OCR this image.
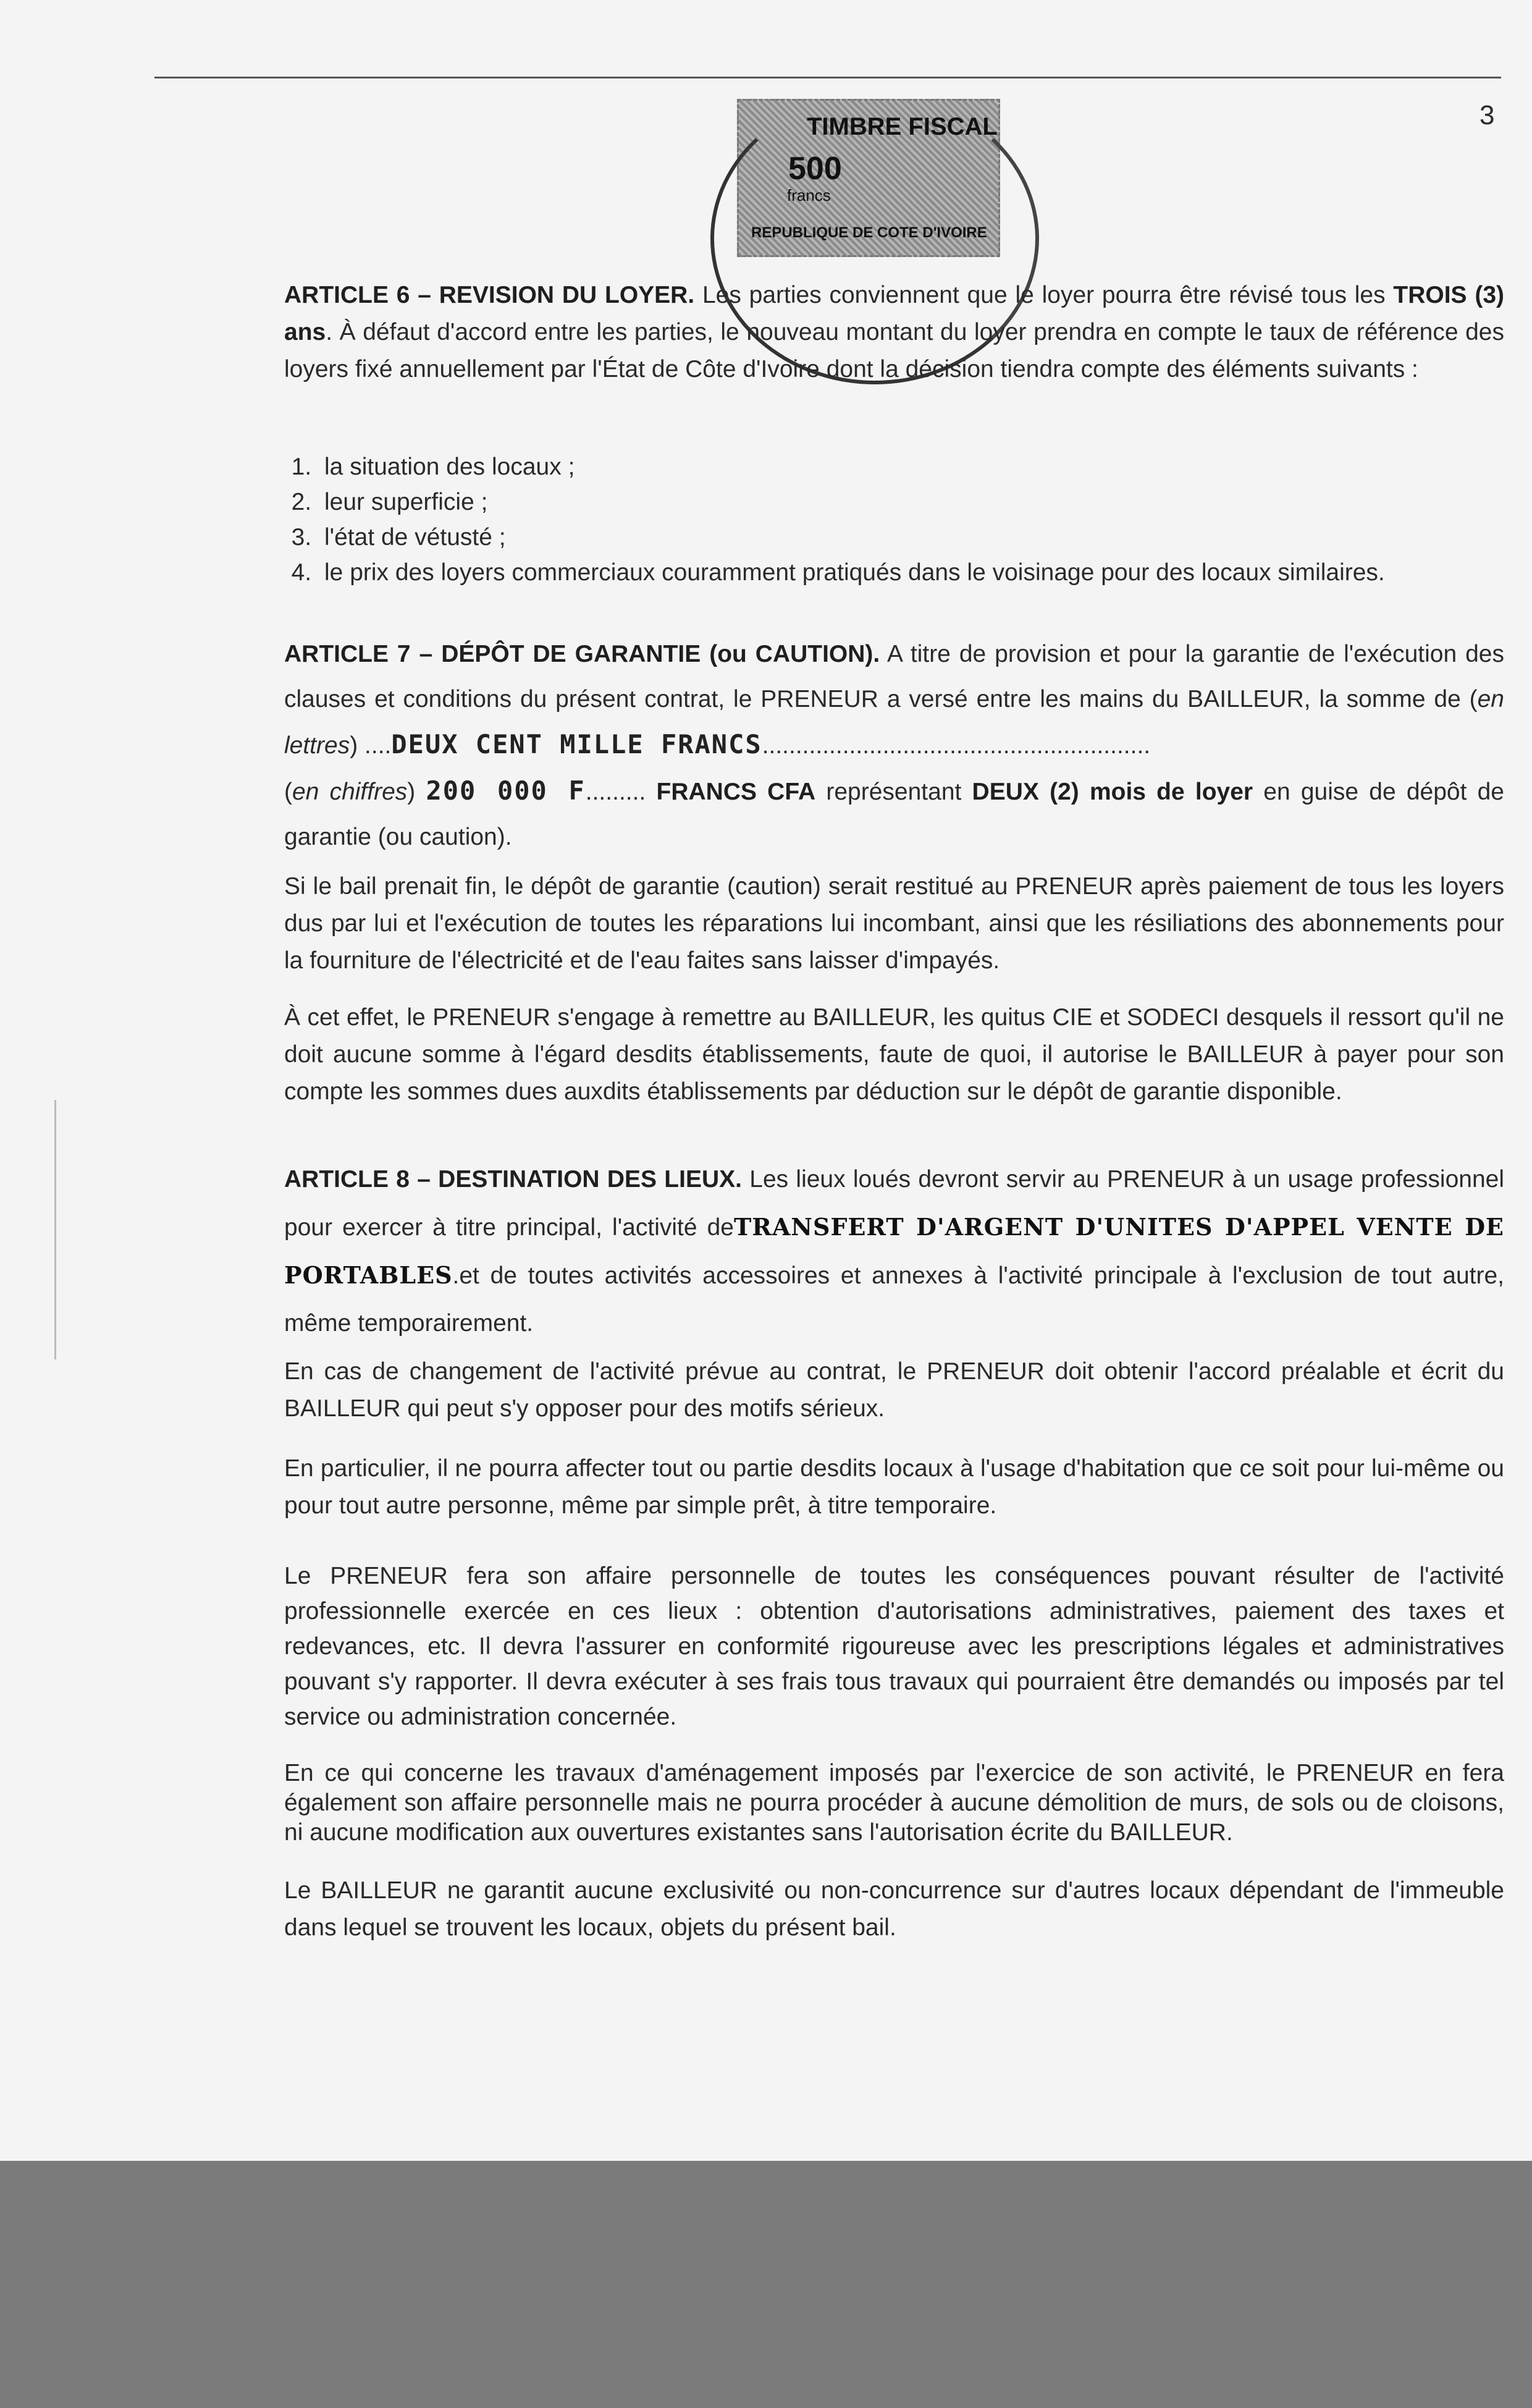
3
TIMBRE FISCAL
500
francs
REPUBLIQUE DE COTE D'IVOIRE
ARTICLE 6 – REVISION DU LOYER. Les parties conviennent que le loyer pourra être révisé tous les TROIS (3) ans. À défaut d'accord entre les parties, le nouveau montant du loyer prendra en compte le taux de référence des loyers fixé annuellement par l'État de Côte d'Ivoire dont la décision tiendra compte des éléments suivants :
1. la situation des locaux ;
2. leur superficie ;
3. l'état de vétusté ;
4. le prix des loyers commerciaux couramment pratiqués dans le voisinage pour des locaux similaires.
ARTICLE 7 – DÉPÔT DE GARANTIE (ou CAUTION). A titre de provision et pour la garantie de l'exécution des clauses et conditions du présent contrat, le PRENEUR a versé entre les mains du BAILLEUR, la somme de (en lettres) ....DEUX CENT MILLE FRANCS..........................................................
(en chiffres) 200 000 F......... FRANCS CFA représentant DEUX (2) mois de loyer en guise de dépôt de garantie (ou caution).
Si le bail prenait fin, le dépôt de garantie (caution) serait restitué au PRENEUR après paiement de tous les loyers dus par lui et l'exécution de toutes les réparations lui incombant, ainsi que les résiliations des abonnements pour la fourniture de l'électricité et de l'eau faites sans laisser d'impayés.
À cet effet, le PRENEUR s'engage à remettre au BAILLEUR, les quitus CIE et SODECI desquels il ressort qu'il ne doit aucune somme à l'égard desdits établissements, faute de quoi, il autorise le BAILLEUR à payer pour son compte les sommes dues auxdits établissements par déduction sur le dépôt de garantie disponible.
ARTICLE 8 – DESTINATION DES LIEUX. Les lieux loués devront servir au PRENEUR à un usage professionnel pour exercer à titre principal, l'activité deTRANSFERT D'ARGENT D'UNITES D'APPEL VENTE DE PORTABLES.et de toutes activités accessoires et annexes à l'activité principale à l'exclusion de tout autre, même temporairement.
En cas de changement de l'activité prévue au contrat, le PRENEUR doit obtenir l'accord préalable et écrit du BAILLEUR qui peut s'y opposer pour des motifs sérieux.
En particulier, il ne pourra affecter tout ou partie desdits locaux à l'usage d'habitation que ce soit pour lui-même ou pour tout autre personne, même par simple prêt, à titre temporaire.
Le PRENEUR fera son affaire personnelle de toutes les conséquences pouvant résulter de l'activité professionnelle exercée en ces lieux : obtention d'autorisations administratives, paiement des taxes et redevances, etc. Il devra l'assurer en conformité rigoureuse avec les prescriptions légales et administratives pouvant s'y rapporter. Il devra exécuter à ses frais tous travaux qui pourraient être demandés ou imposés par tel service ou administration concernée.
En ce qui concerne les travaux d'aménagement imposés par l'exercice de son activité, le PRENEUR en fera également son affaire personnelle mais ne pourra procéder à aucune démolition de murs, de sols ou de cloisons, ni aucune modification aux ouvertures existantes sans l'autorisation écrite du BAILLEUR.
Le BAILLEUR ne garantit aucune exclusivité ou non-concurrence sur d'autres locaux dépendant de l'immeuble dans lequel se trouvent les locaux, objets du présent bail.
